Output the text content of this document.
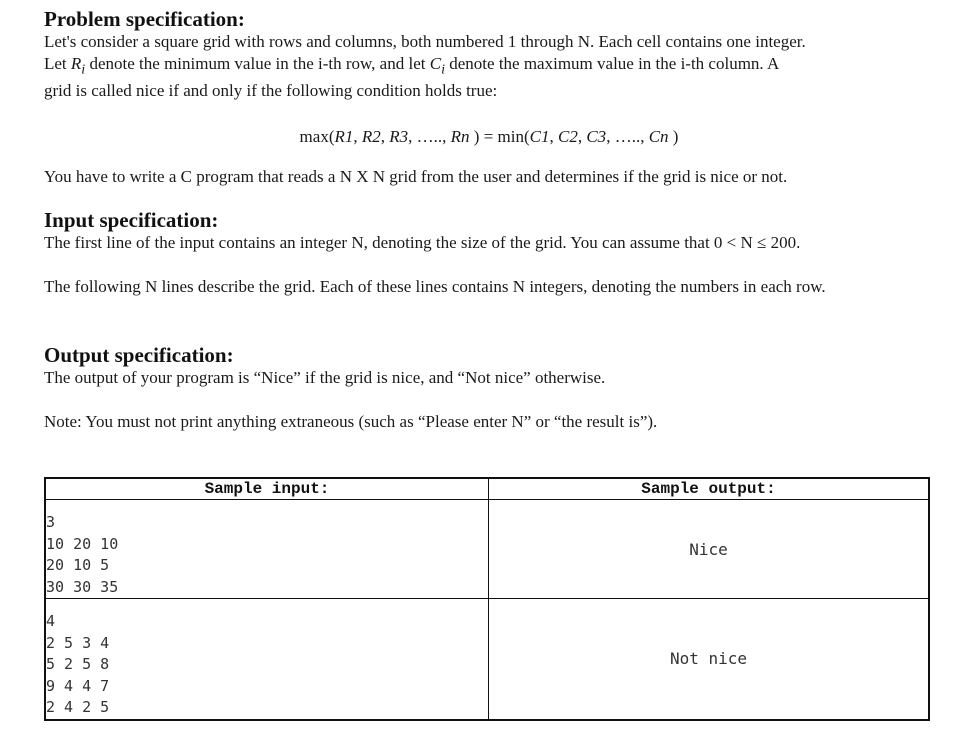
Problem specification:

Let's consider a square grid with rows and columns, both numbered 1 through N. Each cell contains one integer.

Let $R_i$ denote the minimum value in the i-th row, and let $C_i$ denote the maximum value in the i-th column. A

grid is called nice if and only if the following condition holds true:

max(R1, R2, R3, ….., Rn ) = min(C1, C2, C3, ….., Cn )

You have to write a C program that reads a N X N grid from the user and determines if the grid is nice or not.

Input specification:

The first line of the input contains an integer N, denoting the size of the grid. You can assume that 0 < N ≤ 200.

The following N lines describe the grid. Each of these lines contains N integers, denoting the numbers in each row.

Output specification:

The output of your program is “Nice” if the grid is nice, and “Not nice” otherwise.

Note: You must not print anything extraneous (such as “Please enter N” or “the result is”).

Sample input:	Sample output:

3
10 20 10
20 10 5
30 30 35	Nice

4
2 5 3 4
5 2 5 8
9 4 4 7
2 4 2 5	Not nice
